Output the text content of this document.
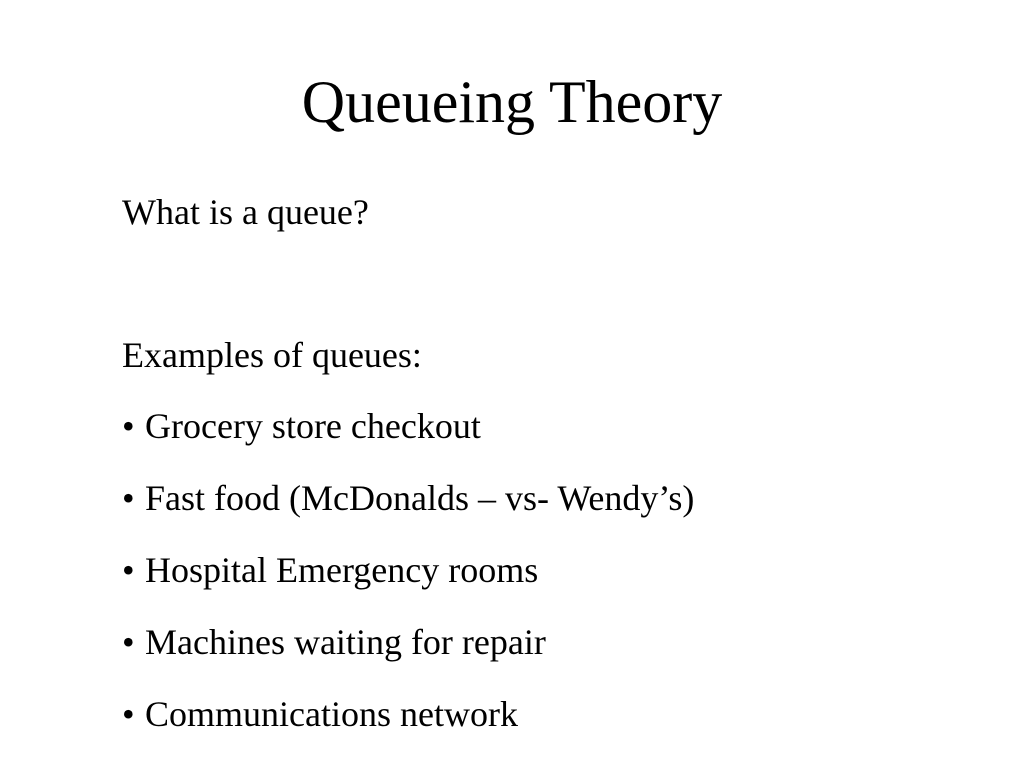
Queueing Theory
What is a queue?
Examples of queues:
• Grocery store checkout
• Fast food (McDonalds – vs- Wendy’s)
• Hospital Emergency rooms
• Machines waiting for repair
• Communications network
